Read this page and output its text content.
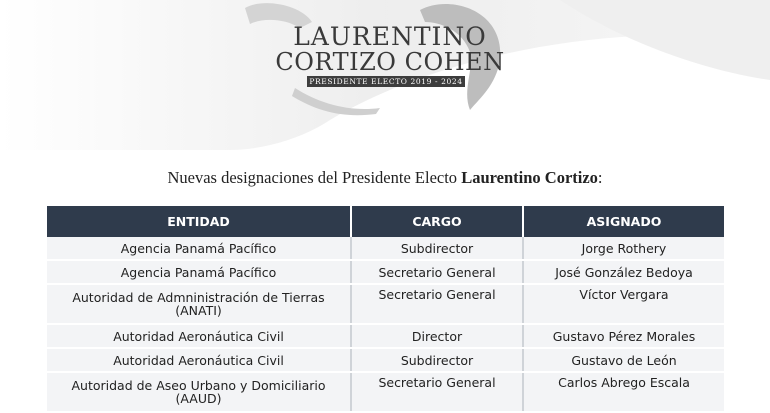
LAURENTINO
CORTIZO COHEN
PRESIDENTE ELECTO 2019 - 2024
Nuevas designaciones del Presidente Electo Laurentino Cortizo:
ENTIDAD	CARGO	ASIGNADO
Agencia Panamá Pacífico	Subdirector	Jorge Rothery
Agencia Panamá Pacífico	Secretario General	José González Bedoya
Autoridad de Admninistración de Tierras (ANATI)	Secretario General	Víctor Vergara
Autoridad Aeronáutica Civil	Director	Gustavo Pérez Morales
Autoridad Aeronáutica Civil	Subdirector	Gustavo de León
Autoridad de Aseo Urbano y Domiciliario (AAUD)	Secretario General	Carlos Abrego Escala
